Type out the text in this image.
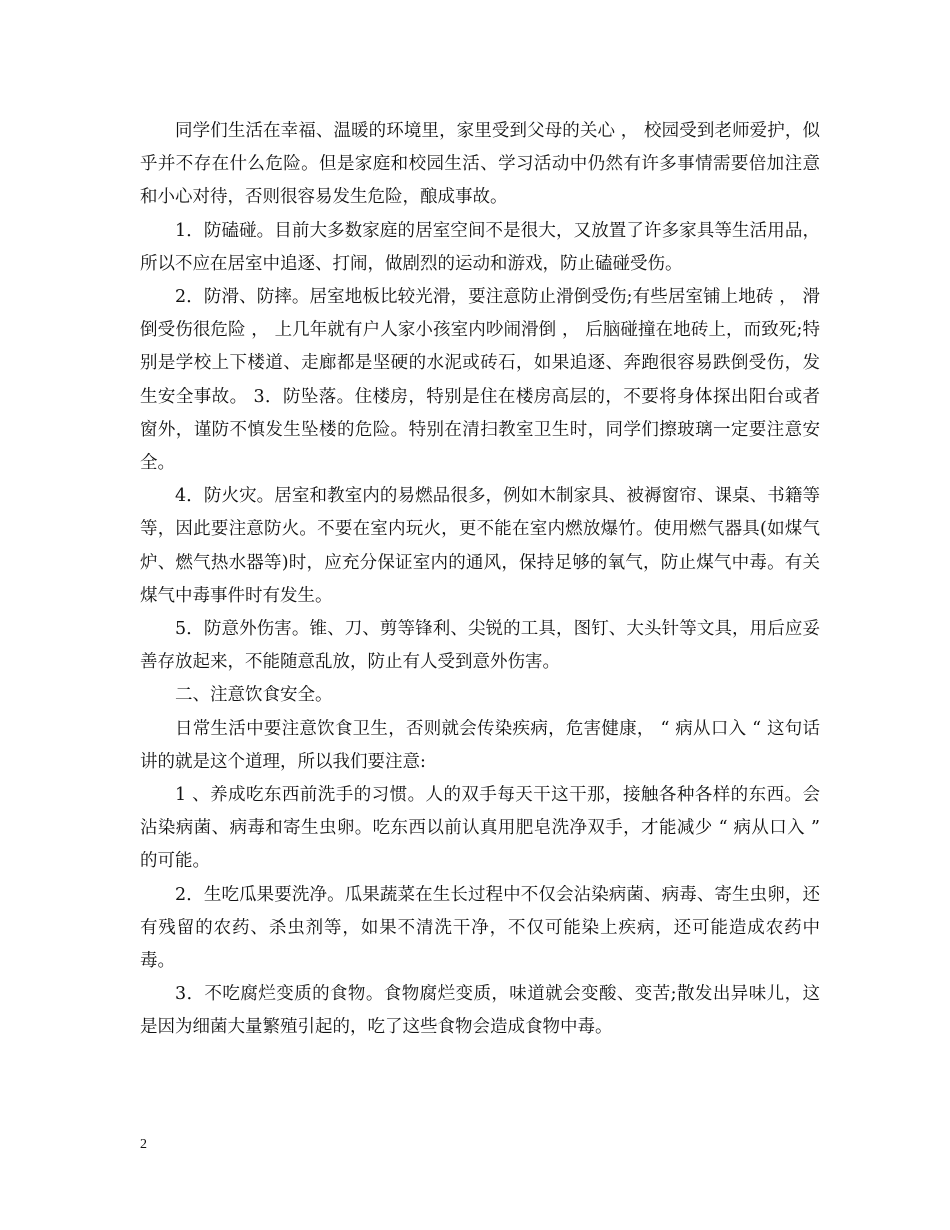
同学们生活在幸福、温暖的环境里，家里受到父母的关心 ， 校园受到老师爱护，似乎并不存在什么危险。但是家庭和校园生活、学习活动中仍然有许多事情需要倍加注意和小心对待，否则很容易发生危险，酿成事故。

1．防磕碰。目前大多数家庭的居室空间不是很大，又放置了许多家具等生活用品，所以不应在居室中追逐、打闹，做剧烈的运动和游戏，防止磕碰受伤。

2．防滑、防摔。居室地板比较光滑，要注意防止滑倒受伤;有些居室铺上地砖 ， 滑倒受伤很危险 ， 上几年就有户人家小孩室内吵闹滑倒 ， 后脑碰撞在地砖上，而致死;特别是学校上下楼道、走廊都是坚硬的水泥或砖石，如果追逐、奔跑很容易跌倒受伤，发生安全事故。 3．防坠落。住楼房，特别是住在楼房高层的，不要将身体探出阳台或者窗外，谨防不慎发生坠楼的危险。特别在清扫教室卫生时，同学们擦玻璃一定要注意安全。

4．防火灾。居室和教室内的易燃品很多，例如木制家具、被褥窗帘、课桌、书籍等等，因此要注意防火。不要在室内玩火，更不能在室内燃放爆竹。使用燃气器具(如煤气炉、燃气热水器等)时，应充分保证室内的通风，保持足够的氧气，防止煤气中毒。有关煤气中毒事件时有发生。

5．防意外伤害。锥、刀、剪等锋利、尖锐的工具，图钉、大头针等文具，用后应妥善存放起来，不能随意乱放，防止有人受到意外伤害。

二、注意饮食安全。

日常生活中要注意饮食卫生，否则就会传染疾病，危害健康， “ 病从口入 “ 这句话讲的就是这个道理，所以我们要注意:

1 、养成吃东西前洗手的习惯。人的双手每天干这干那，接触各种各样的东西。会沾染病菌、病毒和寄生虫卵。吃东西以前认真用肥皂洗净双手，才能减少 “ 病从口入 ” 的可能。

2．生吃瓜果要洗净。瓜果蔬菜在生长过程中不仅会沾染病菌、病毒、寄生虫卵，还有残留的农药、杀虫剂等，如果不清洗干净，不仅可能染上疾病，还可能造成农药中毒。

3．不吃腐烂变质的食物。食物腐烂变质，味道就会变酸、变苦;散发出异味儿，这是因为细菌大量繁殖引起的，吃了这些食物会造成食物中毒。

2
